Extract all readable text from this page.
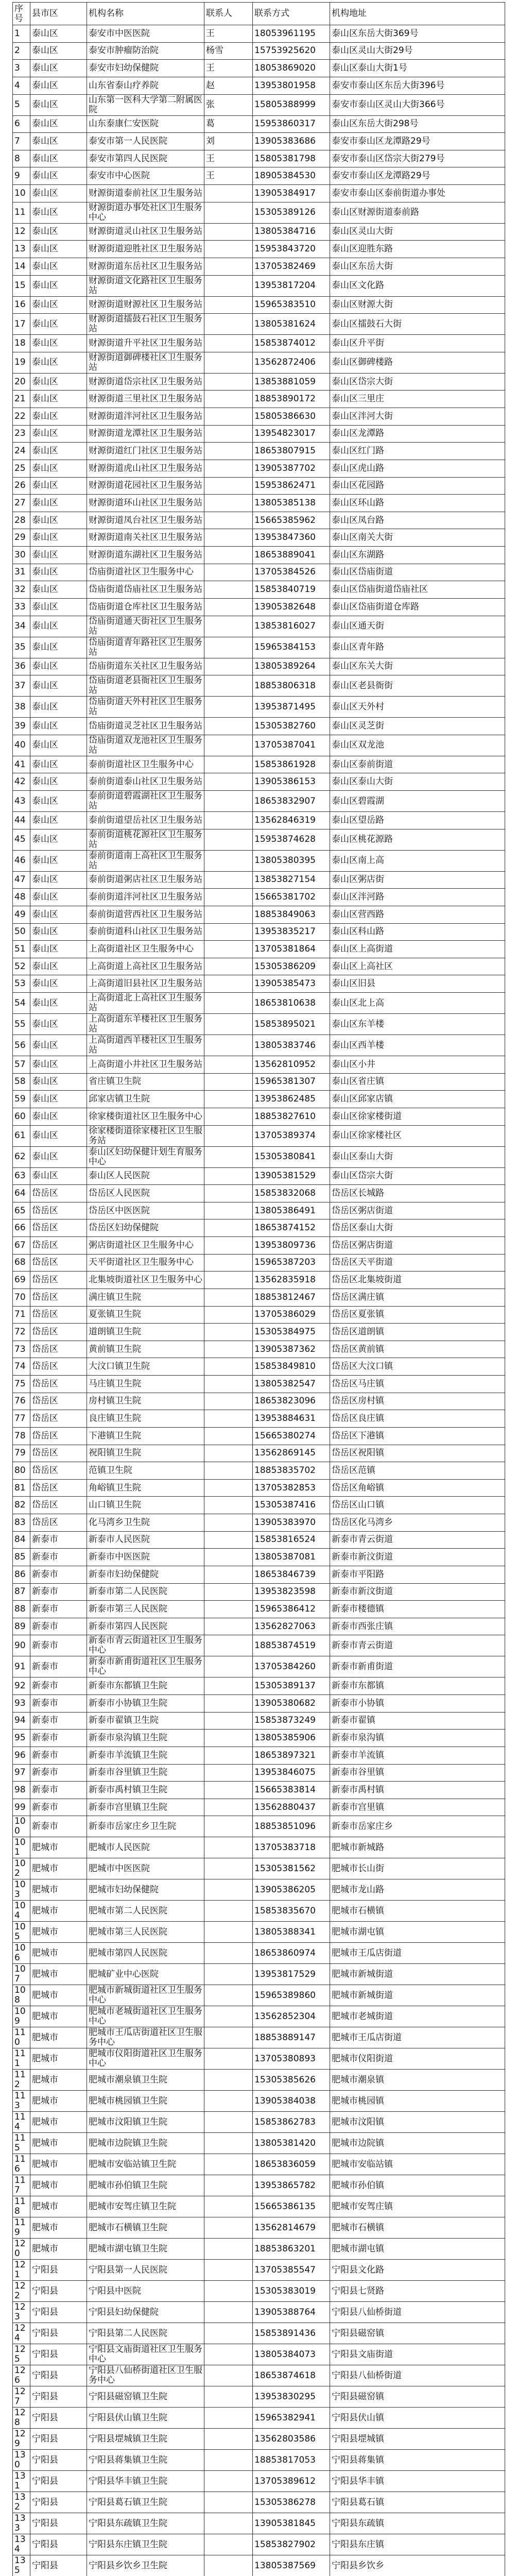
序号	县市区	机构名称	联系人	联系方式	机构地址
1	泰山区	泰安市中医医院	王	18053961195	泰山区东岳大街369号
2	泰山区	泰安市肿瘤防治院	杨雪	15753925620	泰山区灵山大街29号
3	泰山区	泰安市妇幼保健院	王	18053869020	泰山区泰山大街1号
4	泰山区	山东省泰山疗养院	赵	13953801958	泰安市泰山区东岳大街396号
5	泰山区	山东第一医科大学第二附属医院	张	15805388999	泰安市泰山区灵山大街366号
6	泰山区	山东泰康仁安医院	葛	15953860317	泰山区东岳大街298号
7	泰山区	泰安市第一人民医院	刘	13905383686	泰安市泰山区龙潭路29号
8	泰山区	泰安市第四人民医院	王	15805381798	泰安市泰山区岱宗大街279号
9	泰山区	泰安市中心医院	王	18905384530	泰安市泰山区龙潭路29号
10	泰山区	财源街道泰前社区卫生服务站		13905384917	泰安市泰山区泰前街道办事处
11	泰山区	财源街道办事处社区卫生服务中心		15305389126	泰山区财源街道泰前路
12	泰山区	财源街道灵山社区卫生服务站		13805384716	泰山区灵山大街
13	泰山区	财源街道迎胜社区卫生服务站		15953843720	泰山区迎胜东路
14	泰山区	财源街道东岳社区卫生服务站		13705382469	泰山区东岳大街
15	泰山区	财源街道文化路社区卫生服务站		13953817204	泰山区文化路
16	泰山区	财源街道财源社区卫生服务站		15965383510	泰山区财源大街
17	泰山区	财源街道擂鼓石社区卫生服务站		13805381624	泰山区擂鼓石大街
18	泰山区	财源街道升平社区卫生服务站		15853874012	泰山区升平街
19	泰山区	财源街道御碑楼社区卫生服务站		13562872406	泰山区御碑楼路
20	泰山区	财源街道岱宗社区卫生服务站		13853881059	泰山区岱宗大街
21	泰山区	财源街道三里社区卫生服务站		18853890172	泰山区三里庄
22	泰山区	财源街道泮河社区卫生服务站		15805386630	泰山区泮河大街
23	泰山区	财源街道龙潭社区卫生服务站		13954823017	泰山区龙潭路
24	泰山区	财源街道红门社区卫生服务站		18653807915	泰山区红门路
25	泰山区	财源街道虎山社区卫生服务站		13905387702	泰山区虎山路
26	泰山区	财源街道花园社区卫生服务站		15953862471	泰山区花园路
27	泰山区	财源街道环山社区卫生服务站		13805385138	泰山区环山路
28	泰山区	财源街道凤台社区卫生服务站		15665385962	泰山区凤台路
29	泰山区	财源街道南关社区卫生服务站		13953847360	泰山区南关大街
30	泰山区	财源街道东湖社区卫生服务站		18653889041	泰山区东湖路
31	泰山区	岱庙街道社区卫生服务中心		13705384526	泰山区岱庙街道
32	泰山区	岱庙街道岱庙社区卫生服务站		15853840719	泰山区岱庙街道岱庙社区
33	泰山区	岱庙街道仓库社区卫生服务站		13905382648	泰山区岱庙街道仓库路
34	泰山区	岱庙街道通天街社区卫生服务站		13853816027	泰山区通天街
35	泰山区	岱庙街道青年路社区卫生服务站		15965384153	泰山区青年路
36	泰山区	岱庙街道东关社区卫生服务站		13805389264	泰山区东关大街
37	泰山区	岱庙街道老县衙社区卫生服务站		18853806318	泰山区老县衙街
38	泰山区	岱庙街道天外村社区卫生服务站		13953871495	泰山区天外村
39	泰山区	岱庙街道灵芝社区卫生服务站		15305382760	泰山区灵芝街
40	泰山区	岱庙街道双龙池社区卫生服务站		13705387041	泰山区双龙池
41	泰山区	泰前街道社区卫生服务中心		15853861928	泰山区泰前街道
42	泰山区	泰前街道泰山社区卫生服务站		13905386153	泰山区泰山大街
43	泰山区	泰前街道碧霞湖社区卫生服务站		18653832907	泰山区碧霞湖
44	泰山区	泰前街道望岳社区卫生服务站		13562846319	泰山区望岳路
45	泰山区	泰前街道桃花源社区卫生服务站		15953874628	泰山区桃花源路
46	泰山区	泰前街道南上高社区卫生服务站		13805380395	泰山区南上高
47	泰山区	泰前街道粥店社区卫生服务站		13853827154	泰山区粥店街
48	泰山区	泰前街道泮河社区卫生服务站		15665381702	泰山区泮河路
49	泰山区	泰前街道营西社区卫生服务站		18853849063	泰山区营西路
50	泰山区	泰前街道科山社区卫生服务站		13953835217	泰山区科山路
51	泰山区	上高街道社区卫生服务中心		13705381864	泰山区上高街道
52	泰山区	上高街道上高社区卫生服务站		15305386209	泰山区上高社区
53	泰山区	上高街道旧县社区卫生服务站		13905385473	泰山区旧县
54	泰山区	上高街道北上高社区卫生服务站		18653810638	泰山区北上高
55	泰山区	上高街道东羊楼社区卫生服务站		15853895021	泰山区东羊楼
56	泰山区	上高街道西羊楼社区卫生服务站		13805383746	泰山区西羊楼
57	泰山区	上高街道小井社区卫生服务站		13562810952	泰山区小井
58	泰山区	省庄镇卫生院		15965381307	泰山区省庄镇
59	泰山区	邱家店镇卫生院		13953862485	泰山区邱家店镇
60	泰山区	徐家楼街道社区卫生服务中心		18853827610	泰山区徐家楼街道
61	泰山区	徐家楼街道徐家楼社区卫生服务站		13705389374	泰山区徐家楼社区
62	泰山区	泰山区妇幼保健计划生育服务中心		15305380841	泰山区泰山大街
63	泰山区	泰山区人民医院		13905381529	泰山区岱宗大街
64	岱岳区	岱岳区人民医院		15853832068	岱岳区长城路
65	岱岳区	岱岳区中医医院		13805386491	岱岳区粥店街道
66	岱岳区	岱岳区妇幼保健院		18653874152	岱岳区泰山大街
67	岱岳区	粥店街道社区卫生服务中心		13953809736	岱岳区粥店街道
68	岱岳区	天平街道社区卫生服务中心		15965387203	岱岳区天平街道
69	岱岳区	北集坡街道社区卫生服务中心		13562835918	岱岳区北集坡街道
70	岱岳区	满庄镇卫生院		18853812467	岱岳区满庄镇
71	岱岳区	夏张镇卫生院		13705386029	岱岳区夏张镇
72	岱岳区	道朗镇卫生院		15305384975	岱岳区道朗镇
73	岱岳区	黄前镇卫生院		13905387362	岱岳区黄前镇
74	岱岳区	大汶口镇卫生院		15853849810	岱岳区大汶口镇
75	岱岳区	马庄镇卫生院		13805382547	岱岳区马庄镇
76	岱岳区	房村镇卫生院		18653823096	岱岳区房村镇
77	岱岳区	良庄镇卫生院		13953884631	岱岳区良庄镇
78	岱岳区	下港镇卫生院		15665380274	岱岳区下港镇
79	岱岳区	祝阳镇卫生院		13562869145	岱岳区祝阳镇
80	岱岳区	范镇卫生院		18853835702	岱岳区范镇
81	岱岳区	角峪镇卫生院		13705382853	岱岳区角峪镇
82	岱岳区	山口镇卫生院		15305387416	岱岳区山口镇
83	岱岳区	化马湾乡卫生院		13905383970	岱岳区化马湾乡
84	新泰市	新泰市人民医院		15853816524	新泰市青云街道
85	新泰市	新泰市中医医院		13805387081	新泰市新汶街道
86	新泰市	新泰市妇幼保健院		18653846739	新泰市平阳路
87	新泰市	新泰市第二人民医院		13953823598	新泰市新汶街道
88	新泰市	新泰市第三人民医院		15965386412	新泰市楼德镇
89	新泰市	新泰市第四人民医院		13562827063	新泰市西张庄镇
90	新泰市	新泰市青云街道社区卫生服务中心		18853874519	新泰市青云街道
91	新泰市	新泰市新甫街道社区卫生服务中心		13705384260	新泰市新甫街道
92	新泰市	新泰市东都镇卫生院		15305389137	新泰市东都镇
93	新泰市	新泰市小协镇卫生院		13905380682	新泰市小协镇
94	新泰市	新泰市翟镇卫生院		15853873249	新泰市翟镇
95	新泰市	新泰市泉沟镇卫生院		13805385906	新泰市泉沟镇
96	新泰市	新泰市羊流镇卫生院		18653897321	新泰市羊流镇
97	新泰市	新泰市谷里镇卫生院		13953846075	新泰市谷里镇
98	新泰市	新泰市禹村镇卫生院		15665383814	新泰市禹村镇
99	新泰市	新泰市宫里镇卫生院		13562880437	新泰市宫里镇
100	新泰市	新泰市岳家庄乡卫生院		18853851096	新泰市岳家庄乡
101	肥城市	肥城市人民医院		13705383718	肥城市新城路
102	肥城市	肥城市中医医院		15305381562	肥城市长山街
103	肥城市	肥城市妇幼保健院		13905386205	肥城市龙山路
104	肥城市	肥城市第二人民医院		15853835670	肥城市石横镇
105	肥城市	肥城市第三人民医院		13805388341	肥城市湖屯镇
106	肥城市	肥城市第四人民医院		18653860974	肥城市王瓜店街道
107	肥城市	肥城矿业中心医院		13953817529	肥城市新城街道
108	肥城市	肥城市新城街道社区卫生服务中心		15965389860	肥城市新城街道
109	肥城市	肥城市老城街道社区卫生服务中心		13562852304	肥城市老城街道
110	肥城市	肥城市王瓜店街道社区卫生服务中心		18853889147	肥城市王瓜店街道
111	肥城市	肥城市仪阳街道社区卫生服务中心		13705380893	肥城市仪阳街道
112	肥城市	肥城市潮泉镇卫生院		15305385626	肥城市潮泉镇
113	肥城市	肥城市桃园镇卫生院		13905384038	肥城市桃园镇
114	肥城市	肥城市汶阳镇卫生院		15853862783	肥城市汶阳镇
115	肥城市	肥城市边院镇卫生院		13805381420	肥城市边院镇
116	肥城市	肥城市安临站镇卫生院		18653836059	肥城市安临站镇
117	肥城市	肥城市孙伯镇卫生院		13953865782	肥城市孙伯镇
118	肥城市	肥城市安驾庄镇卫生院		15665386135	肥城市安驾庄镇
119	肥城市	肥城市石横镇卫生院		13562814679	肥城市石横镇
120	肥城市	肥城市湖屯镇卫生院		18853863201	肥城市湖屯镇
121	宁阳县	宁阳县第一人民医院		13705385547	宁阳县文化路
122	宁阳县	宁阳县中医院		15305383019	宁阳县七贤路
123	宁阳县	宁阳县妇幼保健院		13905388764	宁阳县八仙桥街道
124	宁阳县	宁阳县第二人民医院		15853891436	宁阳县磁窑镇
125	宁阳县	宁阳县文庙街道社区卫生服务中心		13805384073	宁阳县文庙街道
126	宁阳县	宁阳县八仙桥街道社区卫生服务中心		18653874618	宁阳县八仙桥街道
127	宁阳县	宁阳县磁窑镇卫生院		13953830295	宁阳县磁窑镇
128	宁阳县	宁阳县伏山镇卫生院		15965382941	宁阳县伏山镇
129	宁阳县	宁阳县堽城镇卫生院		13562803586	宁阳县堽城镇
130	宁阳县	宁阳县蒋集镇卫生院		18853817053	宁阳县蒋集镇
131	宁阳县	宁阳县华丰镇卫生院		13705389612	宁阳县华丰镇
132	宁阳县	宁阳县葛石镇卫生院		15305386278	宁阳县葛石镇
133	宁阳县	宁阳县东疏镇卫生院		13905381845	宁阳县东疏镇
134	宁阳县	宁阳县东庄镇卫生院		15853827902	宁阳县东庄镇
135	宁阳县	宁阳县乡饮乡卫生院		13805387569	宁阳县乡饮乡
